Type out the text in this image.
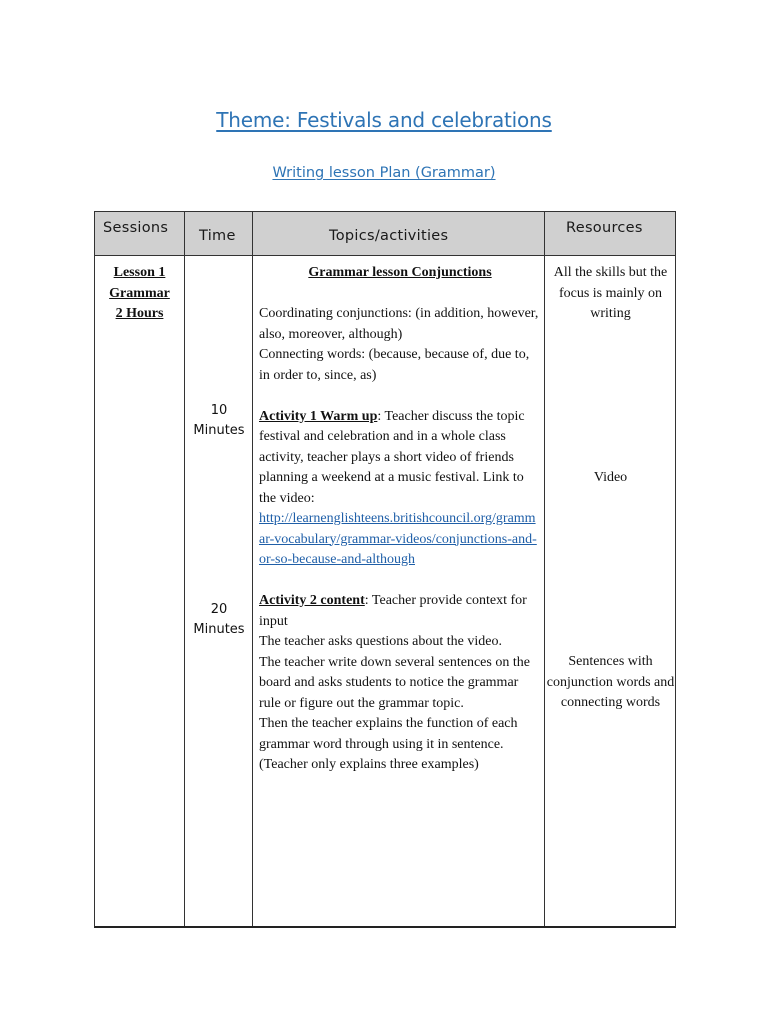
Theme: Festivals and celebrations
Writing lesson Plan (Grammar)
Sessions Time	Topics/activities	Resources
Lesson 1
Grammar
2 Hours
10
Minutes
20
Minutes

Grammar lesson Conjunctions

Coordinating conjunctions: (in addition, however, also, moreover, although)

Connecting words: (because, because of, due to, in order to, since, as)

Activity 1 Warm up: Teacher discuss the topic festival and celebration and in a whole class activity, teacher plays a short video of friends planning a weekend at a music festival. Link to the video:

http://learnenglishteens.britishcouncil.org/grammar-vocabulary/grammar-videos/conjunctions-and-or-so-because-and-although

Activity 2 content: Teacher provide context for input

The teacher asks questions about the video.

The teacher write down several sentences on the board and asks students to notice the grammar rule or figure out the grammar topic.

Then the teacher explains the function of each grammar word through using it in sentence.

(Teacher only explains three examples)

All the skills but the focus is mainly on writing
Video
Sentences with conjunction words and connecting words
